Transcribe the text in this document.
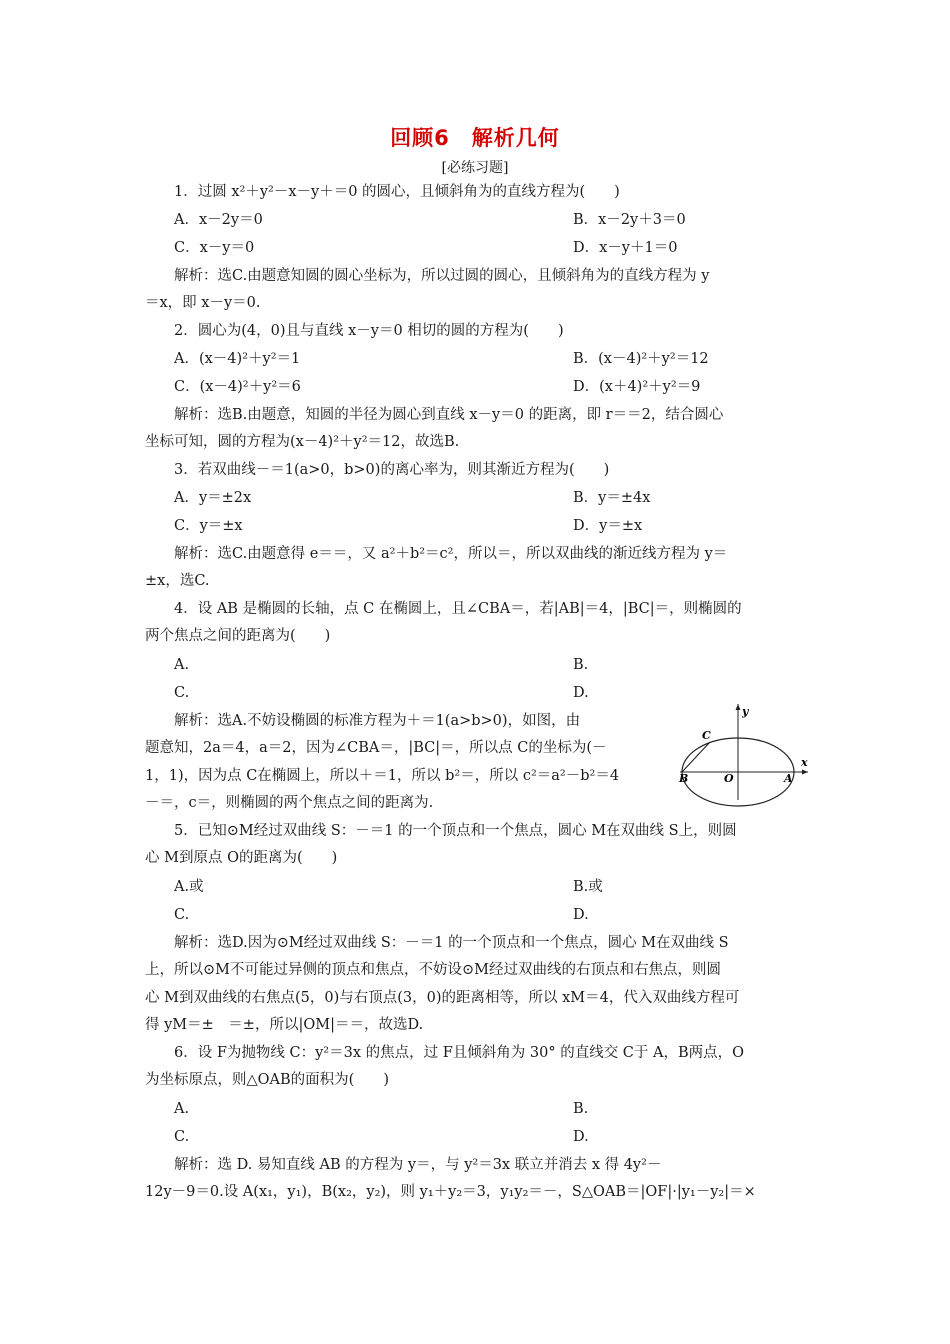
回顾6　解析几何
[必练习题]
1．过圆 x²＋y²－x－y＋＝0 的圆心，且倾斜角为的直线方程为(　　)
A．x－2y＝0	B．x－2y＋3＝0
C．x－y＝0	D．x－y＋1＝0
解析：选C.由题意知圆的圆心坐标为，所以过圆的圆心，且倾斜角为的直线方程为 y
＝x，即 x－y＝0.
2．圆心为(4，0)且与直线 x－y＝0 相切的圆的方程为(　　)
A．(x－4)²＋y²＝1	B．(x－4)²＋y²＝12
C．(x－4)²＋y²＝6	D．(x＋4)²＋y²＝9
解析：选B.由题意，知圆的半径为圆心到直线 x－y＝0 的距离，即 r＝＝2，结合圆心
坐标可知，圆的方程为(x－4)²＋y²＝12，故选B.
3．若双曲线－＝1(a>0，b>0)的离心率为，则其渐近方程为(　　)
A．y＝±2x	B．y＝±4x
C．y＝±x	D．y＝±x
解析：选C.由题意得 e＝＝，又 a²＋b²＝c²，所以＝，所以双曲线的渐近线方程为 y＝
±x，选C.
4．设 AB 是椭圆的长轴，点 C 在椭圆上，且∠CBA＝，若|AB|＝4，|BC|＝，则椭圆的
两个焦点之间的距离为(　　)
A.	B.
C.	D.
解析：选A.不妨设椭圆的标准方程为＋＝1(a>b>0)，如图，由
题意知，2a＝4，a＝2，因为∠CBA＝，|BC|＝，所以点 C的坐标为(－
1，1)，因为点 C在椭圆上，所以＋＝1，所以 b²＝，所以 c²＝a²－b²＝4
－＝，c＝，则椭圆的两个焦点之间的距离为.
y
x
C
B	O	A
5．已知⊙M经过双曲线 S：－＝1 的一个顶点和一个焦点，圆心 M在双曲线 S上，则圆
心 M到原点 O的距离为(　　)
A.或	B.或
C.	D.
解析：选D.因为⊙M经过双曲线 S：－＝1 的一个顶点和一个焦点，圆心 M在双曲线 S
上，所以⊙M不可能过异侧的顶点和焦点，不妨设⊙M经过双曲线的右顶点和右焦点，则圆
心 M到双曲线的右焦点(5，0)与右顶点(3，0)的距离相等，所以 xM＝4，代入双曲线方程可
得 yM＝±　＝±，所以|OM|＝＝，故选D.
6．设 F为抛物线 C：y²＝3x 的焦点，过 F且倾斜角为 30° 的直线交 C于 A，B两点，O
为坐标原点，则△OAB的面积为(　　)
A.	B.
C.	D.
解析：选 D. 易知直线 AB 的方程为 y＝，与 y²＝3x 联立并消去 x 得 4y²－
12y－9＝0.设 A(x₁，y₁)，B(x₂，y₂)，则 y₁＋y₂＝3，y₁y₂＝－，S△OAB＝|OF|·|y₁－y₂|＝×
